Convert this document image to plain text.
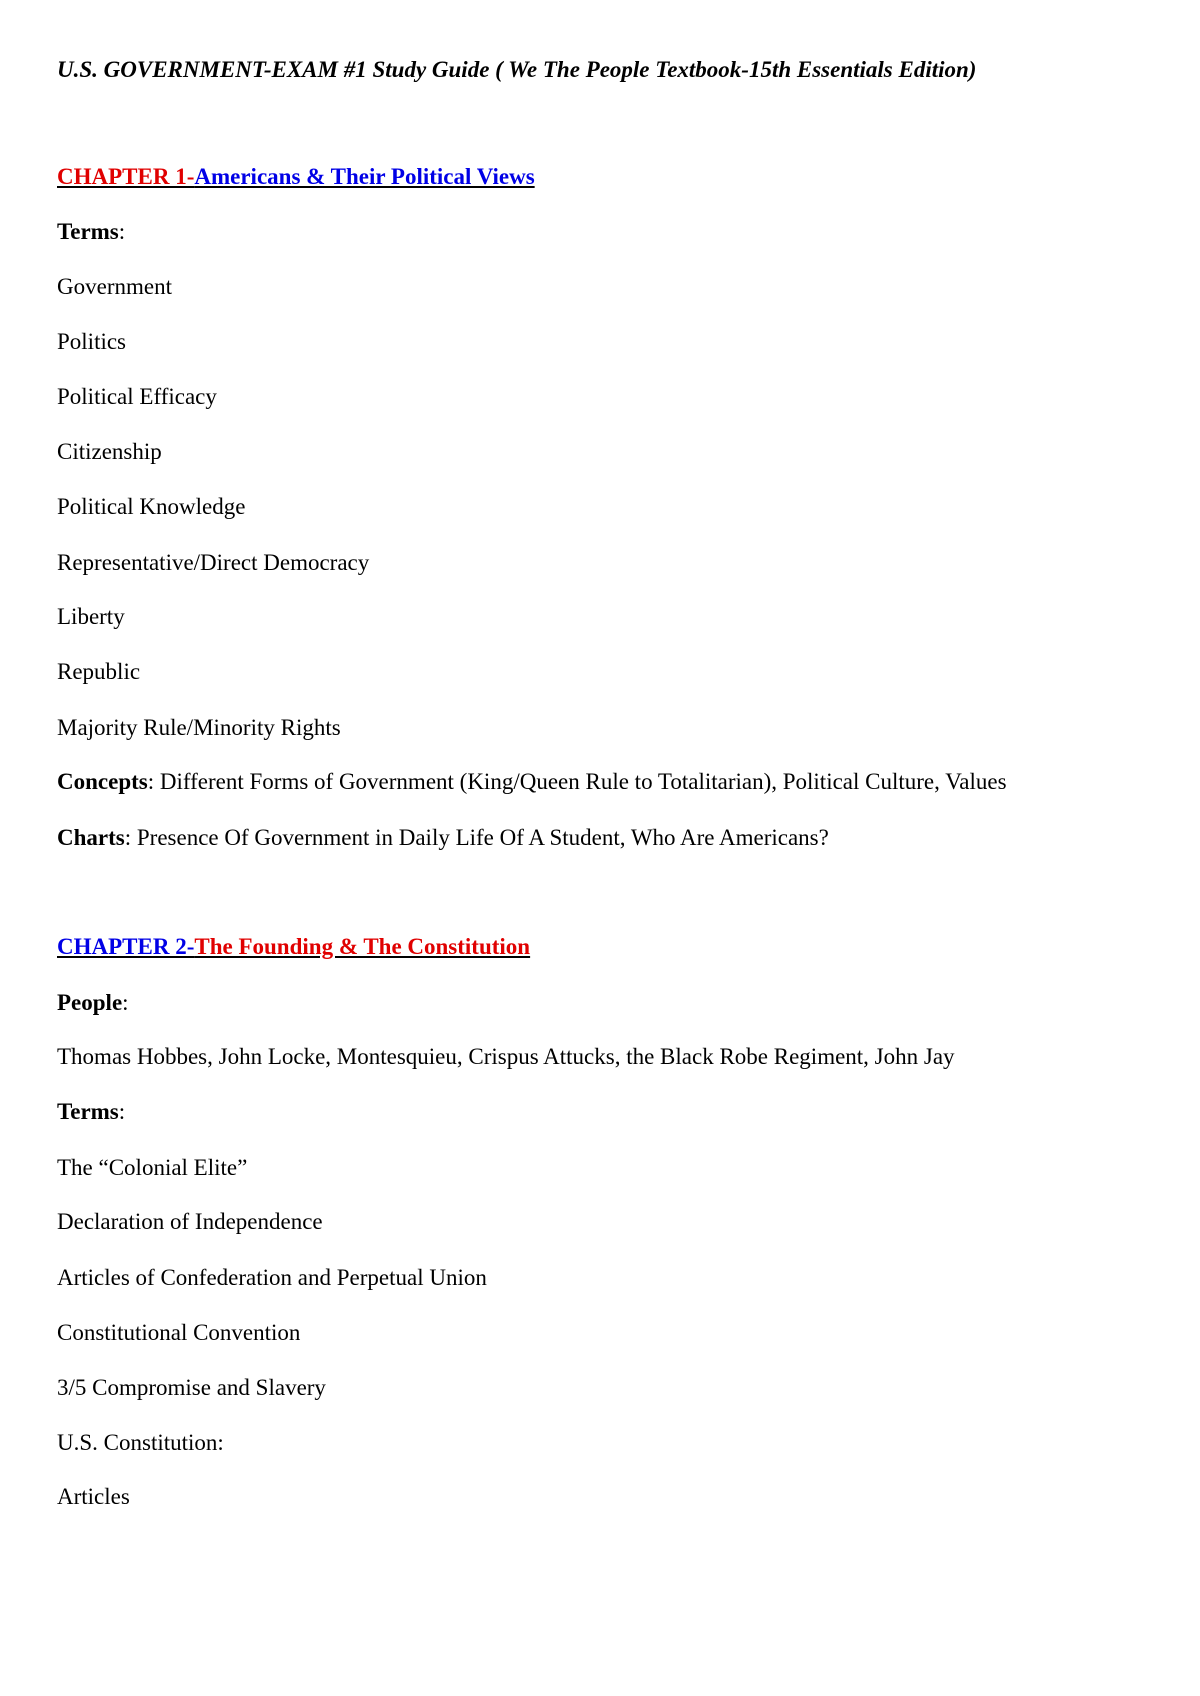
U.S. GOVERNMENT-EXAM #1 Study Guide ( We The People Textbook-15th Essentials Edition)
CHAPTER 1-Americans & Their Political Views
Terms:
Government
Politics
Political Efficacy
Citizenship
Political Knowledge
Representative/Direct Democracy
Liberty
Republic
Majority Rule/Minority Rights
Concepts: Different Forms of Government (King/Queen Rule to Totalitarian), Political Culture, Values
Charts: Presence Of Government in Daily Life Of A Student, Who Are Americans?
CHAPTER 2-The Founding & The Constitution
People:
Thomas Hobbes, John Locke, Montesquieu, Crispus Attucks, the Black Robe Regiment, John Jay
Terms:
The “Colonial Elite”
Declaration of Independence
Articles of Confederation and Perpetual Union
Constitutional Convention
3/5 Compromise and Slavery
U.S. Constitution:
Articles
